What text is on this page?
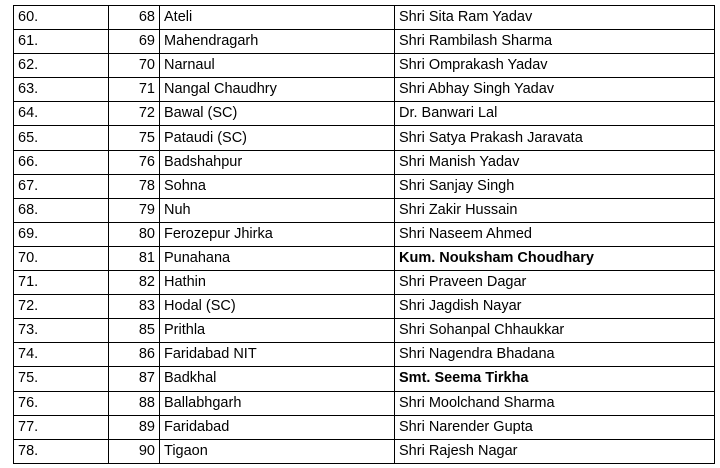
60.	68	Ateli	Shri Sita Ram Yadav
61.	69	Mahendragarh	Shri Rambilash Sharma
62.	70	Narnaul	Shri Omprakash Yadav
63.	71	Nangal Chaudhry	Shri Abhay Singh Yadav
64.	72	Bawal (SC)	Dr. Banwari Lal
65.	75	Pataudi (SC)	Shri Satya Prakash Jaravata
66.	76	Badshahpur	Shri Manish Yadav
67.	78	Sohna	Shri Sanjay Singh
68.	79	Nuh	Shri Zakir Hussain
69.	80	Ferozepur Jhirka	Shri Naseem Ahmed
70.	81	Punahana	Kum. Nouksham Choudhary
71.	82	Hathin	Shri Praveen Dagar
72.	83	Hodal (SC)	Shri Jagdish Nayar
73.	85	Prithla	Shri Sohanpal Chhaukkar
74.	86	Faridabad NIT	Shri Nagendra Bhadana
75.	87	Badkhal	Smt. Seema Tirkha
76.	88	Ballabhgarh	Shri Moolchand Sharma
77.	89	Faridabad	Shri Narender Gupta
78.	90	Tigaon	Shri Rajesh Nagar
